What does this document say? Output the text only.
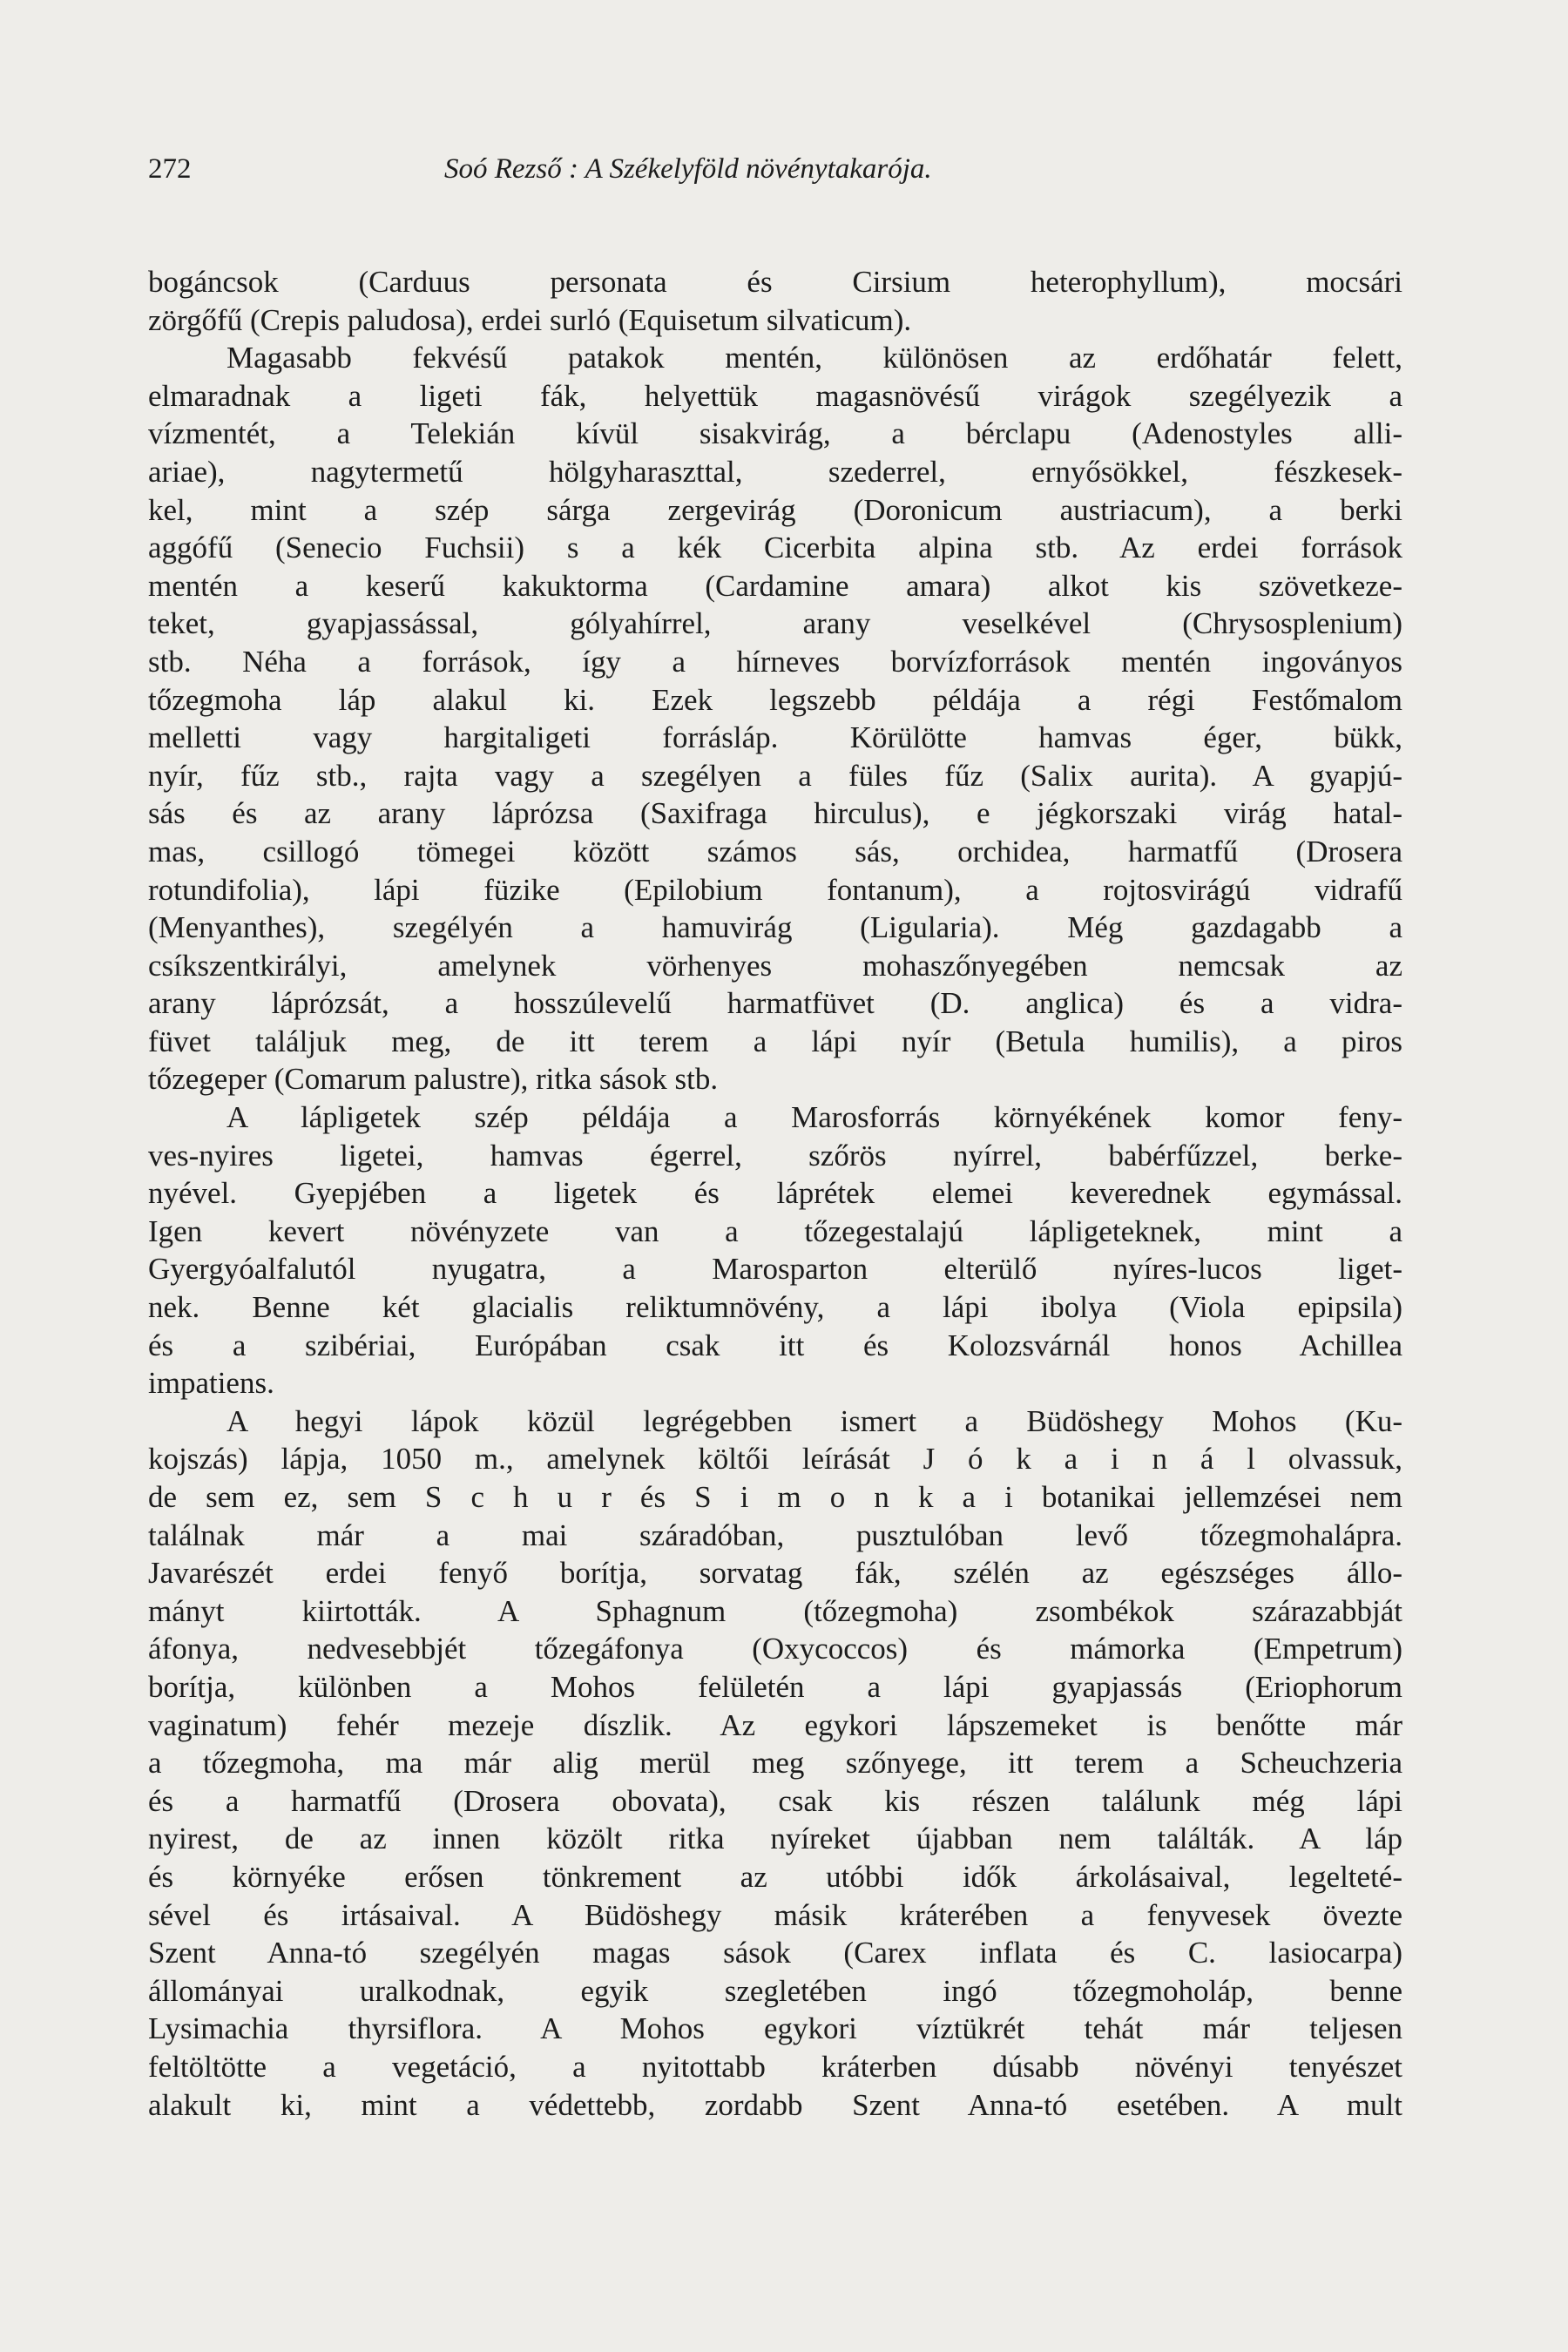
272	Soó Rezső : A Székelyföld növénytakarója.
bogáncsok (Carduus personata és Cirsium heterophyllum), mocsári
zörgőfű (Crepis paludosa), erdei surló (Equisetum silvaticum).
Magasabb fekvésű patakok mentén, különösen az erdőhatár felett,
elmaradnak a ligeti fák, helyettük magasnövésű virágok szegélyezik a
vízmentét, a Telekián kívül sisakvirág, a bérclapu (Adenostyles alli-
ariae), nagytermetű hölgyharaszttal, szederrel, ernyősökkel, fészkesek-
kel, mint a szép sárga zergevirág (Doronicum austriacum), a berki
aggófű (Senecio Fuchsii) s a kék Cicerbita alpina stb. Az erdei források
mentén a keserű kakuktorma (Cardamine amara) alkot kis szövetkeze-
teket, gyapjassással, gólyahírrel, arany veselkével (Chrysosplenium)
stb. Néha a források, így a hírneves borvízforrások mentén ingoványos
tőzegmoha láp alakul ki. Ezek legszebb példája a régi Festőmalom
melletti vagy hargitaligeti forrásláp. Körülötte hamvas éger, bükk,
nyír, fűz stb., rajta vagy a szegélyen a füles fűz (Salix aurita). A gyapjú-
sás és az arany láprózsa (Saxifraga hirculus), e jégkorszaki virág hatal-
mas, csillogó tömegei között számos sás, orchidea, harmatfű (Drosera
rotundifolia), lápi füzike (Epilobium fontanum), a rojtosvirágú vidrafű
(Menyanthes), szegélyén a hamuvirág (Ligularia). Még gazdagabb a
csíkszentkirályi, amelynek vörhenyes mohaszőnyegében nemcsak az
arany láprózsát, a hosszúlevelű harmatfüvet (D. anglica) és a vidra-
füvet találjuk meg, de itt terem a lápi nyír (Betula humilis), a piros
tőzegeper (Comarum palustre), ritka sások stb.
A lápligetek szép példája a Marosforrás környékének komor feny-
ves-nyires ligetei, hamvas égerrel, szőrös nyírrel, babérfűzzel, berke-
nyével. Gyepjében a ligetek és láprétek elemei keverednek egymással.
Igen kevert növényzete van a tőzegestalajú lápligeteknek, mint a
Gyergyóalfalutól nyugatra, a Marosparton elterülő nyíres-lucos liget-
nek. Benne két glacialis reliktumnövény, a lápi ibolya (Viola epipsila)
és a szibériai, Európában csak itt és Kolozsvárnál honos Achillea
impatiens.
A hegyi lápok közül legrégebben ismert a Büdöshegy Mohos (Ku-
kojszás) lápja, 1050 m., amelynek költői leírását J ó k a i n á l olvassuk,
de sem ez, sem S c h u r és S i m o n k a i botanikai jellemzései nem
találnak már a mai száradóban, pusztulóban levő tőzegmohalápra.
Javarészét erdei fenyő borítja, sorvatag fák, szélén az egészséges állo-
mányt kiirtották. A Sphagnum (tőzegmoha) zsombékok szárazabbját
áfonya, nedvesebbjét tőzegáfonya (Oxycoccos) és mámorka (Empetrum)
borítja, különben a Mohos felületén a lápi gyapjassás (Eriophorum
vaginatum) fehér mezeje díszlik. Az egykori lápszemeket is benőtte már
a tőzegmoha, ma már alig merül meg szőnyege, itt terem a Scheuchzeria
és a harmatfű (Drosera obovata), csak kis részen találunk még lápi
nyirest, de az innen közölt ritka nyíreket újabban nem találták. A láp
és környéke erősen tönkrement az utóbbi idők árkolásaival, legelteté-
sével és irtásaival. A Büdöshegy másik kráterében a fenyvesek övezte
Szent Anna-tó szegélyén magas sások (Carex inflata és C. lasiocarpa)
állományai uralkodnak, egyik szegletében ingó tőzegmoholáp, benne
Lysimachia thyrsiflora. A Mohos egykori víztükrét tehát már teljesen
feltöltötte a vegetáció, a nyitottabb kráterben dúsabb növényi tenyészet
alakult ki, mint a védettebb, zordabb Szent Anna-tó esetében. A mult
